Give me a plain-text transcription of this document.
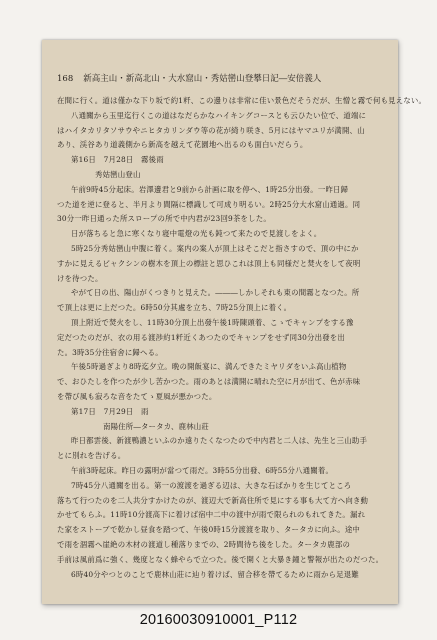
168 新高主山・新高北山・大水窟山・秀姑巒山登攀日記―安倍義人
在間に行く。道は僅かな下り坂で約1粁、この邊りは非常に佳い景色だそうだが、生憎と霧で何も見えない。
八通關から玉里迄行くこの道はなだらかなハイキングコースとも云ひたい位で、道端に
はハイタカリタソサウやニヒタカリンダウ等の花が綺り咲き、5月にはヤマユリが満開、山
あり、渓谷あり道義側から新高を越えて花園地へ出るのも面白いだらう。
第16日　7月28日　霧後雨
秀姑巒山登山
午前9時45分起床。岩澤邊君と9前から計画に取を停へ、1時25分出發。一昨日歸
つた道を逆に登ると、半月より間隔に標識して可成り明るい。2時25分大水窟山通過。同
30分一昨日通った所スロープの所で中内君が23回9茶をした。
日が落ちると急に寒くなり寝中電燈の光も鈍つて来たので見渡しをよく。
5時25分秀姑巒山中腹に着く。案内の案人が頂上はそこだと指さすので、頂の中にか
すかに見えるビャクシンの樹木を頂上の標註と思ひこれは頂上も同様だと焚火をして夜明
けを待つた。
やがて日の出、陽山がくつきりと見えた。―――しかしそれも東の間霧となつた。所
で頂上は更に上だつた。6時50分其處を立ち、7時25分頂上に着く。
頂上附近で焚火をし、11時30分頂上出發午後1時陳頭着、こゝでキャンプをする豫
定だつたのだが、衣の用る渡渉約1粁近くあつたのでキャンプをせず同30分出發を出
た。3時35分往宿舍に歸へる。
午後5時過ぎより8時迄夕立。晩の開飯宴に、満んできたミヤリダをいふ高山植物
で、おひたしを作つたが少し苦かつた。雨のあとは満開に晴れた空に月が出て、色が赤味
を帶び風も寂ろな音をたてゝ夏風が悪かつた。
第17日　7月29日　雨
南陽住所―タータカ、鹿林山莊
昨日都雲後、新渡鴨濃といふのか遠りたくなつたので中内君と二人は、先生と三山助手
とに別れを告げる。
午前3時起床。昨日の露明が當つて雨だ。3時55分出發、6時55分八通關着。
7時45分八通關を出る。第一の渡渡を過ぎる辺は、大きな石ばかりを生じてところ
落ちて行つたのを二人共分すかけたのが、渡辺大で新高住所で見にする事も大て方へ向き動
かせてもらふ。11時10分渡高下に着けば宿中二中の渡中が雨で限られのもれてきた。漏れ
た家をストーブで乾かし昼食を踏つて、午後0時15分渡渡を取り、タータカに向ふ。途中
で雨を涸霧へ崖絶の木材の渡道し種落りまでの、2時間待ち後をした。タータカ鹿部の
手前は風前爲に強く、幾度となく蜂やらで立つた。後で開くと大暴き鐘と警報が出たのだつた。
6時40分やつとのことで鹿林山莊に辿り着けば、留合移を帶てるために雨から足退難
20160030910001_P112
